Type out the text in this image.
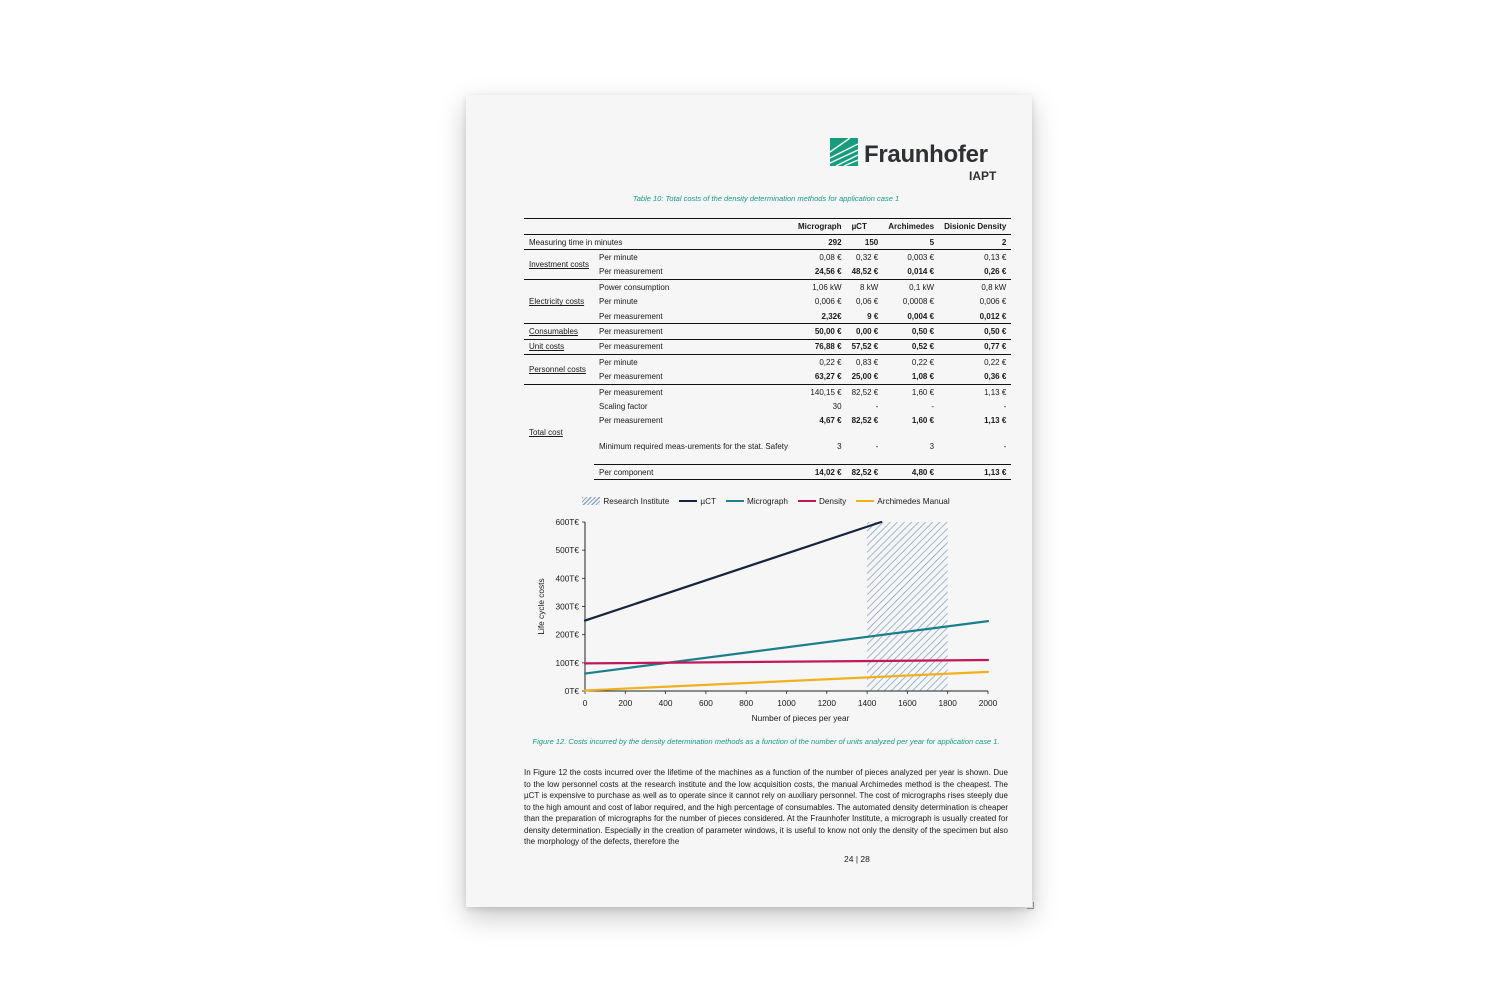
Fraunhofer
IAPT
Table 10: Total costs of the density determination methods for application case 1
		Micrograph	µCT	Archimedes	Disionic Density
Measuring time in minutes		292	150	5	2
Investment costs	Per minute	0,08 €	0,32 €	0,003 €	0,13 €
	Per measurement	24,56 €	48,52 €	0,014 €	0,26 €
Electricity costs	Power consumption	1,06 kW	8 kW	0,1 kW	0,8 kW
	Per minute	0,006 €	0,06 €	0,0008 €	0,006 €
	Per measurement	2,32€	9 €	0,004 €	0,012 €
Consumables	Per measurement	50,00 €	0,00 €	0,50 €	0,50 €
Unit costs	Per measurement	76,88 €	57,52 €	0,52 €	0,77 €
Personnel costs	Per minute	0,22 €	0,83 €	0,22 €	0,22 €
	Per measurement	63,27 €	25,00 €	1,08 €	0,36 €
Total cost	Per measurement	140,15 €	82,52 €	1,60 €	1,13 €
	Scaling factor	30	-	-	-
	Per measurement	4,67 €	82,52 €	1,60 €	1,13 €
	Minimum required meas-urements for the stat. Safety	3	-	3	-
	Per component	14,02 €	82,52 €	4,80 €	1,13 €
Research Institute	µCT	Micrograph	Density	Archimedes Manual
0T€
100T€
200T€
300T€
400T€
500T€
600T€
0	200	400	600	800	1000	1200	1400	1600	1800	2000
Number of pieces per year
Life cycle costs
Figure 12. Costs incurred by the density determination methods as a function of the number of units analyzed per year for application case 1.
In Figure 12 the costs incurred over the lifetime of the machines as a function of the number of pieces analyzed per year is shown. Due to the low personnel costs at the research institute and the low acquisition costs, the manual Archimedes method is the cheapest. The µCT is expensive to purchase as well as to operate since it cannot rely on auxiliary personnel. The cost of micrographs rises steeply due to the high amount and cost of labor required, and the high percentage of consumables. The automated density determination is cheaper than the preparation of micrographs for the number of pieces considered. At the Fraunhofer Institute, a micrograph is usually created for density determination. Especially in the creation of parameter windows, it is useful to know not only the density of the specimen but also the morphology of the defects, therefore the
24 | 28
